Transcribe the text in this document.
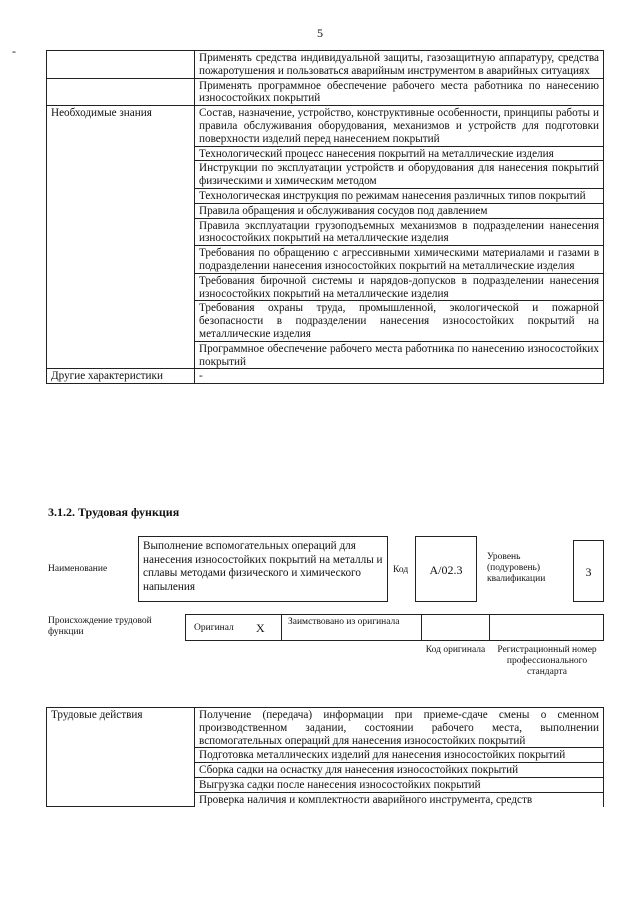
5
-
		Применять средства индивидуальной защиты, газозащитную аппаратуру, средства пожаротушения и пользоваться аварийным инструментом в аварийных ситуациях
	Применять программное обеспечение рабочего места работника по нанесению износостойких покрытий
Необходимые знания	Состав, назначение, устройство, конструктивные особенности, принципы работы и правила обслуживания оборудования, механизмов и устройств для подготовки поверхности изделий перед нанесением покрытий
	Технологический процесс нанесения покрытий на металлические изделия
	Инструкции по эксплуатации устройств и оборудования для нанесения покрытий физическими и химическим методом
	Технологическая инструкция по режимам нанесения различных типов покрытий
	Правила обращения и обслуживания сосудов под давлением
	Правила эксплуатации грузоподъемных механизмов в подразделении нанесения износостойких покрытий на металлические изделия
	Требования по обращению с агрессивными химическими материалами и газами в подразделении нанесения износостойких покрытий на металлические изделия
	Требования бирочной системы и нарядов-допусков в подразделении нанесения износостойких покрытий на металлические изделия
	Требования охраны труда, промышленной, экологической и пожарной безопасности в подразделении нанесения износостойких покрытий на металлические изделия
	Программное обеспечение рабочего места работника по нанесению износостойких покрытий
Другие характеристики	-
3.1.2. Трудовая функция
Наименование
Выполнение вспомогательных операций для нанесения износостойких покрытий на металлы и сплавы методами физического и химического напыления
Код	А/02.3
Уровень (подуровень) квалификации	3
Происхождение трудовой функции	Оригинал X Заимствовано из оригинала
Код оригинала	Регистрационный номер профессионального стандарта
Трудовые действия	Получение (передача) информации при приеме-сдаче смены о сменном производственном задании, состоянии рабочего места, выполнении вспомогательных операций для нанесения износостойких покрытий
Подготовка металлических изделий для нанесения износостойких покрытий
Сборка садки на оснастку для нанесения износостойких покрытий
Выгрузка садки после нанесения износостойких покрытий
Проверка наличия и комплектности аварийного инструмента, средств
